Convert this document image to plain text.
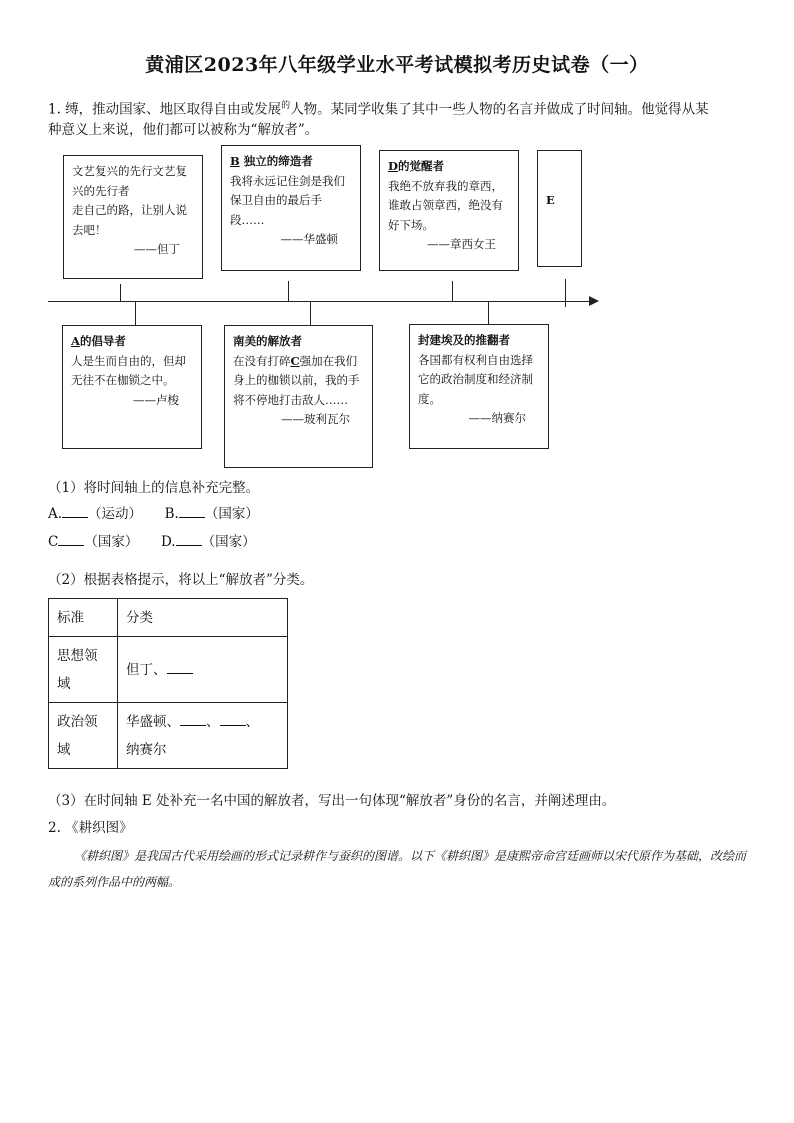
黄浦区2023年八年级学业水平考试模拟考历史试卷（一）
1. 缚，推动国家、地区取得自由或发展$^的$人物。某同学收集了其中一些人物的名言并做成了时间轴。他觉得从某
种意义上来说，他们都可以被称为“解放者”。
文艺复兴的先行文艺复兴的先行者
走自己的路，让别人说去吧！
——但丁
B 独立的缔造者
我将永远记住剑是我们保卫自由的最后手段……
——华盛顿
D的觉醒者
我绝不放弃我的章西，谁敢占领章西，绝没有好下场。
——章西女王
E
A的倡导者
人是生而自由的，但却无往不在枷锁之中。
——卢梭
南美的解放者
在没有打碎C强加在我们身上的枷锁以前，我的手将不停地打击敌人……
——玻利瓦尔
封建埃及的推翻者
各国都有权利自由选择它的政治制度和经济制度。
——纳赛尔
（1）将时间轴上的信息补充完整。
A. （运动） B. （国家）
C （国家） D. （国家）
（2）根据表格提示，将以上“解放者”分类。
标准	分类
思想领域	但丁、
政治领域	华盛顿、 、 、
纳赛尔
（3）在时间轴 E 处补充一名中国的解放者，写出一句体现“解放者”身份的名言，并阐述理由。
2. 《耕织图》
《耕织图》是我国古代采用绘画的形式记录耕作与蚕织的图谱。以下《耕织图》是康熙帝命宫廷画师以宋代原作为基础，改绘而成的系列作品中的两幅。
